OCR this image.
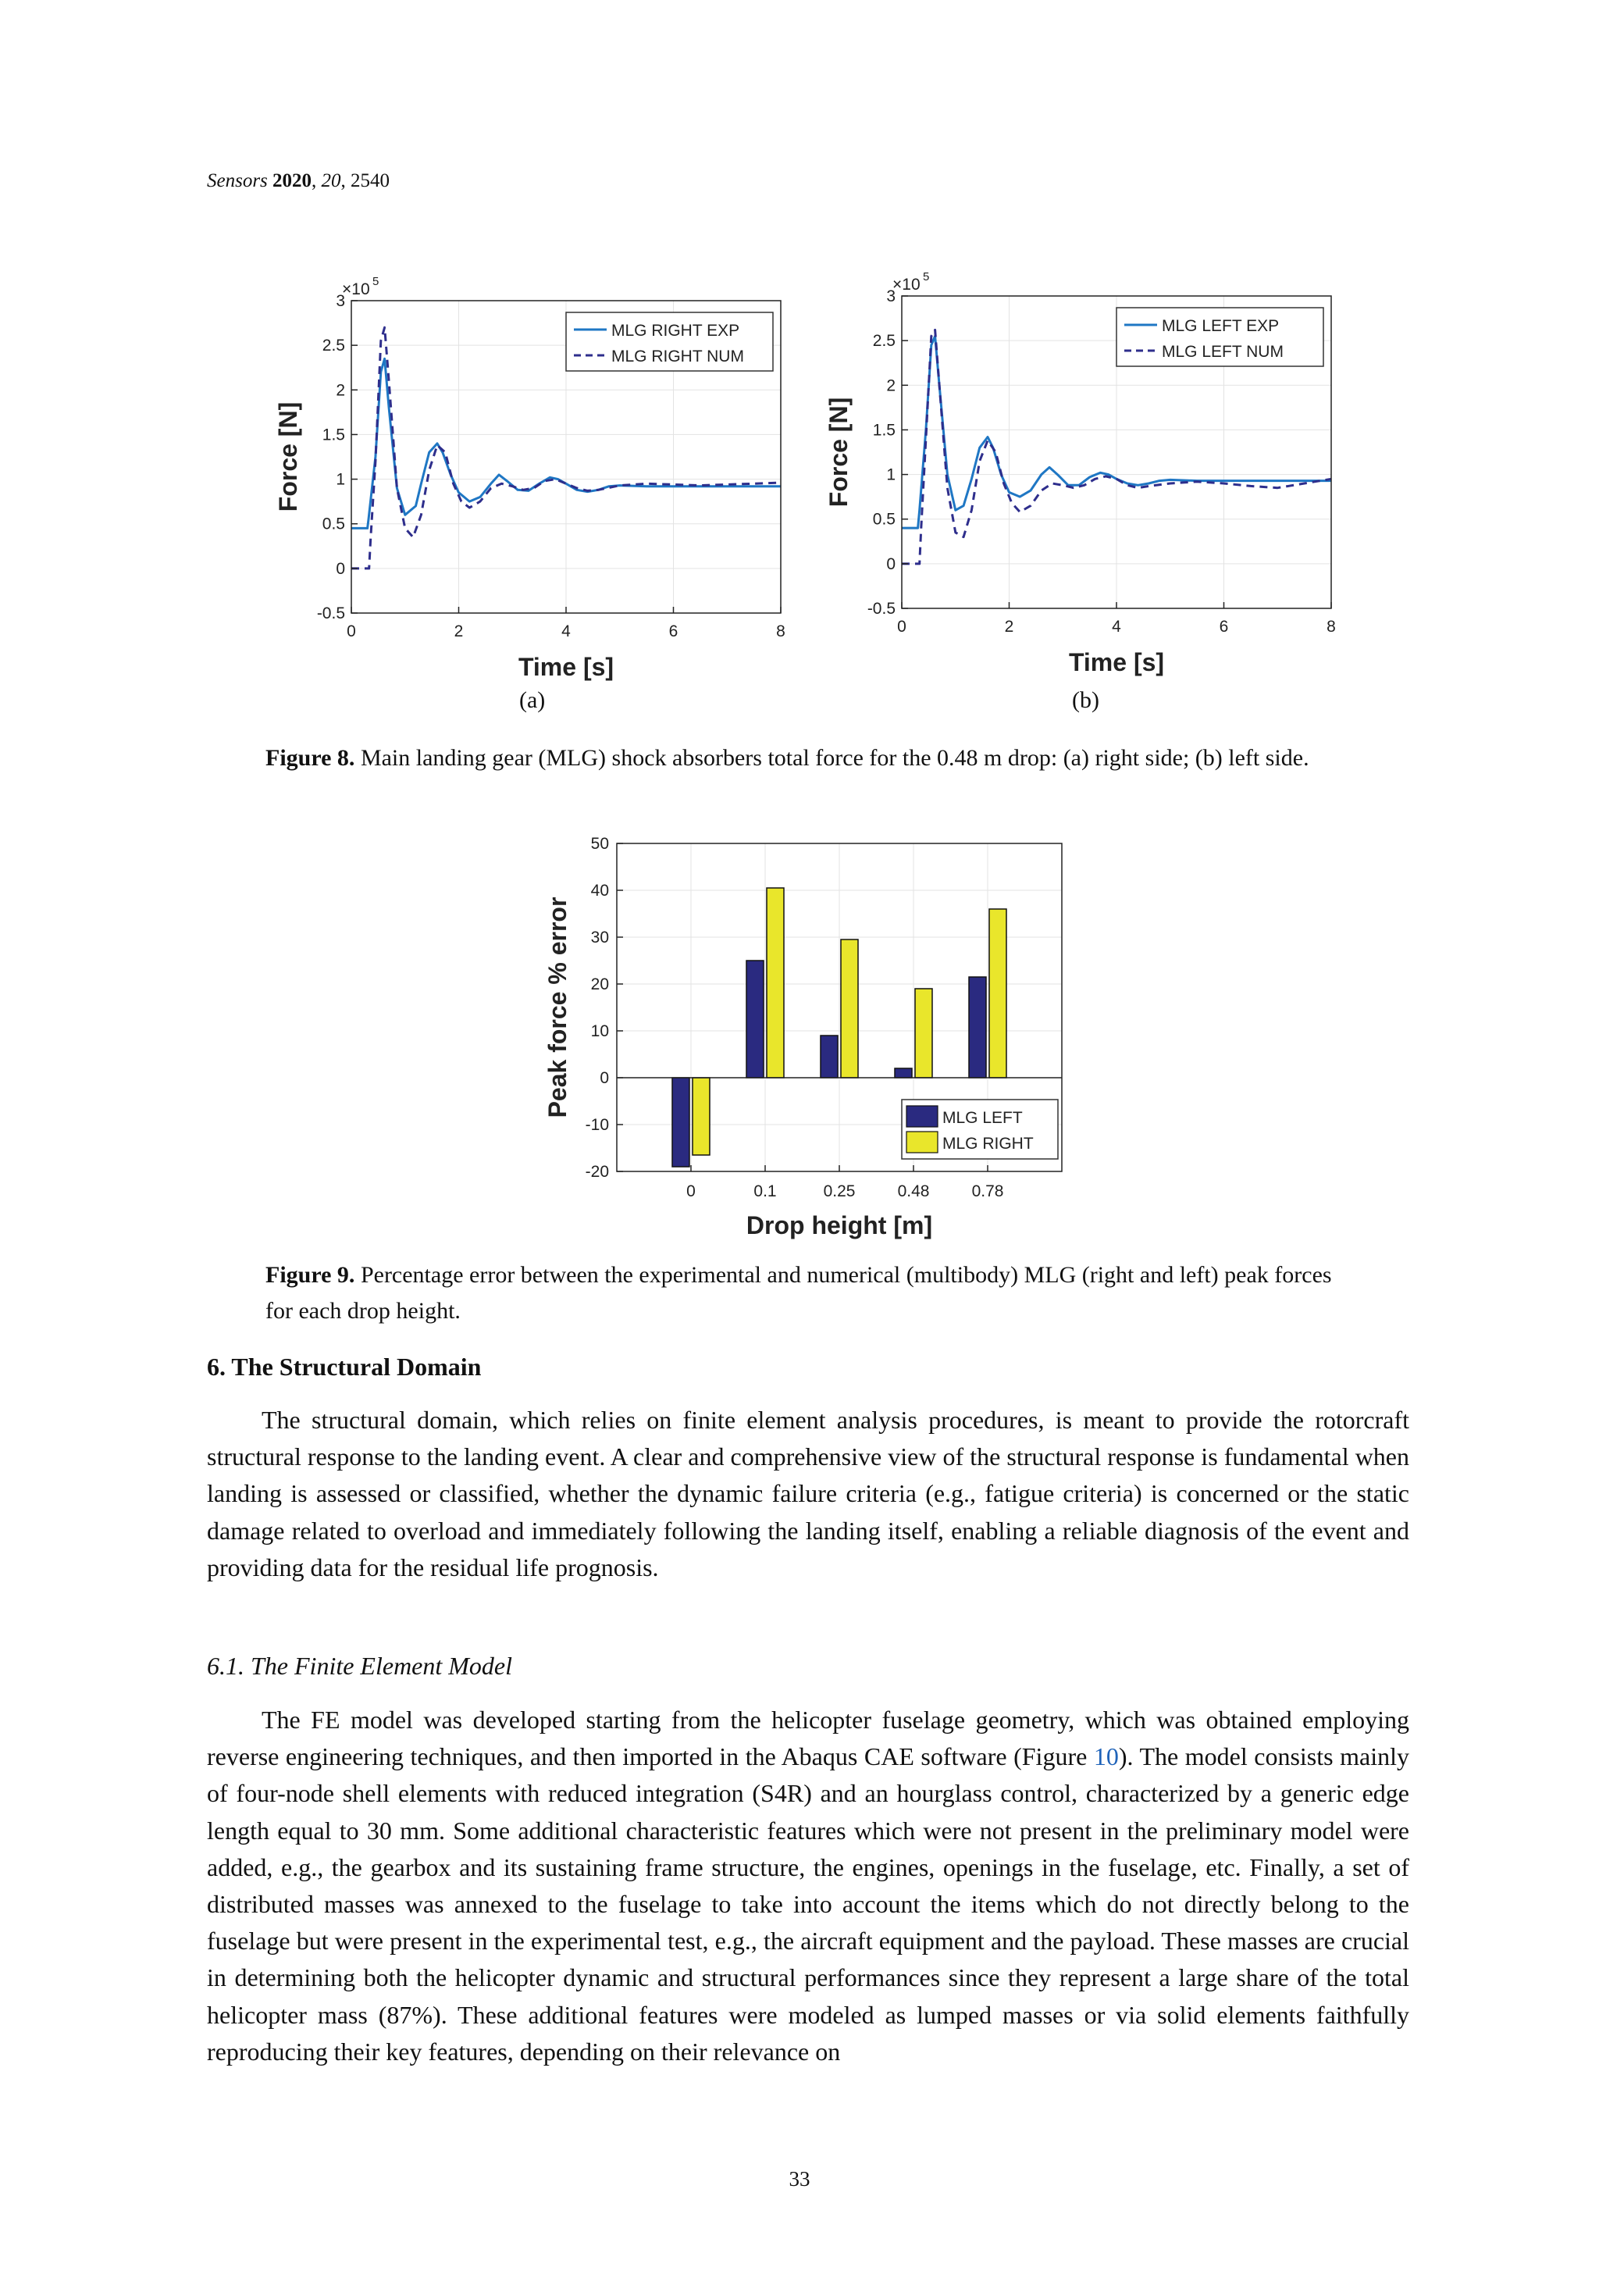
Sensors 2020, 20, 2540
0	2	4	6	8
-0.5
0
0.5
1
1.5
2
2.5
3
×10 5
Time [s]
Force [N]
MLG RIGHT EXP
MLG RIGHT NUM
(a)
0	2	4	6	8
-0.5
0
0.5
1
1.5
2
2.5
3
×10 5
Time [s]
Force [N]
MLG LEFT EXP
MLG LEFT NUM
(b)
Figure 8. Main landing gear (MLG) shock absorbers total force for the 0.48 m drop: (a) right side; (b) left side.
0	0.1	0.25	0.48	0.78
-20
-10
0
10
20
30
40
50
Drop height [m]
Peak force % error
MLG LEFT
MLG RIGHT
Figure 9. Percentage error between the experimental and numerical (multibody) MLG (right and left) peak forces for each drop height.
6. The Structural Domain
The structural domain, which relies on finite element analysis procedures, is meant to provide the rotorcraft structural response to the landing event. A clear and comprehensive view of the structural response is fundamental when landing is assessed or classified, whether the dynamic failure criteria (e.g., fatigue criteria) is concerned or the static damage related to overload and immediately following the landing itself, enabling a reliable diagnosis of the event and providing data for the residual life prognosis.
6.1. The Finite Element Model
The FE model was developed starting from the helicopter fuselage geometry, which was obtained employing reverse engineering techniques, and then imported in the Abaqus CAE software (Figure 10). The model consists mainly of four-node shell elements with reduced integration (S4R) and an hourglass control, characterized by a generic edge length equal to 30 mm. Some additional characteristic features which were not present in the preliminary model were added, e.g., the gearbox and its sustaining frame structure, the engines, openings in the fuselage, etc. Finally, a set of distributed masses was annexed to the fuselage to take into account the items which do not directly belong to the fuselage but were present in the experimental test, e.g., the aircraft equipment and the payload. These masses are crucial in determining both the helicopter dynamic and structural performances since they represent a large share of the total helicopter mass (87%). These additional features were modeled as lumped masses or via solid elements faithfully reproducing their key features, depending on their relevance on
33
